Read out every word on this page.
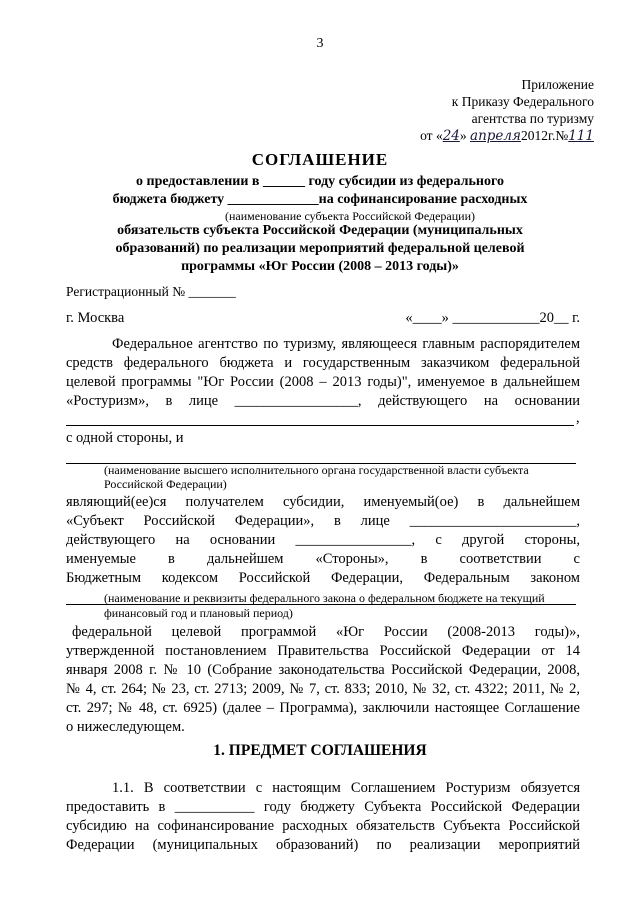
3
Приложение
к Приказу Федерального
агентства по туризму
от «24» апреля2012г.№111
СОГЛАШЕНИЕ
о предоставлении в ______ году субсидии из федерального
бюджета бюджету _____________на софинансирование расходных
(наименование субъекта Российской Федерации)
обязательств субъекта Российской Федерации (муниципальных
образований) по реализации мероприятий федеральной целевой
программы «Юг России (2008 – 2013 годы)»
Регистрационный № _______
г. Москва	«____» ____________20__ г.
Федеральное агентство по туризму, являющееся главным распорядителем
средств федерального бюджета и государственным заказчиком федеральной
целевой программы "Юг России (2008 – 2013 годы)", именуемое в дальнейшем
«Ростуризм», в лице _________________, действующего на основании
,
с одной стороны, и
(наименование высшего исполнительного органа государственной власти субъекта
Российской Федерации)
являющий(ее)ся получателем субсидии, именуемый(ое) в дальнейшем
«Субъект Российской Федерации», в лице _______________________,
действующего на основании ________________, с другой стороны,
именуемые в дальнейшем «Стороны», в соответствии с
Бюджетным кодексом Российской Федерации, Федеральным законом
(наименование и реквизиты федерального закона о федеральном бюджете на текущий
финансовый год и плановый период)
федеральной целевой программой «Юг России (2008-2013 годы)»,
утвержденной постановлением Правительства Российской Федерации от 14
января 2008 г. № 10 (Собрание законодательства Российской Федерации, 2008,
№ 4, ст. 264; № 23, ст. 2713; 2009, № 7, ст. 833; 2010, № 32, ст. 4322; 2011, № 2,
ст. 297; № 48, ст. 6925) (далее – Программа), заключили настоящее Соглашение
о нижеследующем.
1. ПРЕДМЕТ СОГЛАШЕНИЯ
1.1. В соответствии с настоящим Соглашением Ростуризм обязуется
предоставить в ___________ году бюджету Субъекта Российской Федерации
субсидию на софинансирование расходных обязательств Субъекта Российской
Федерации (муниципальных образований) по реализации мероприятий
